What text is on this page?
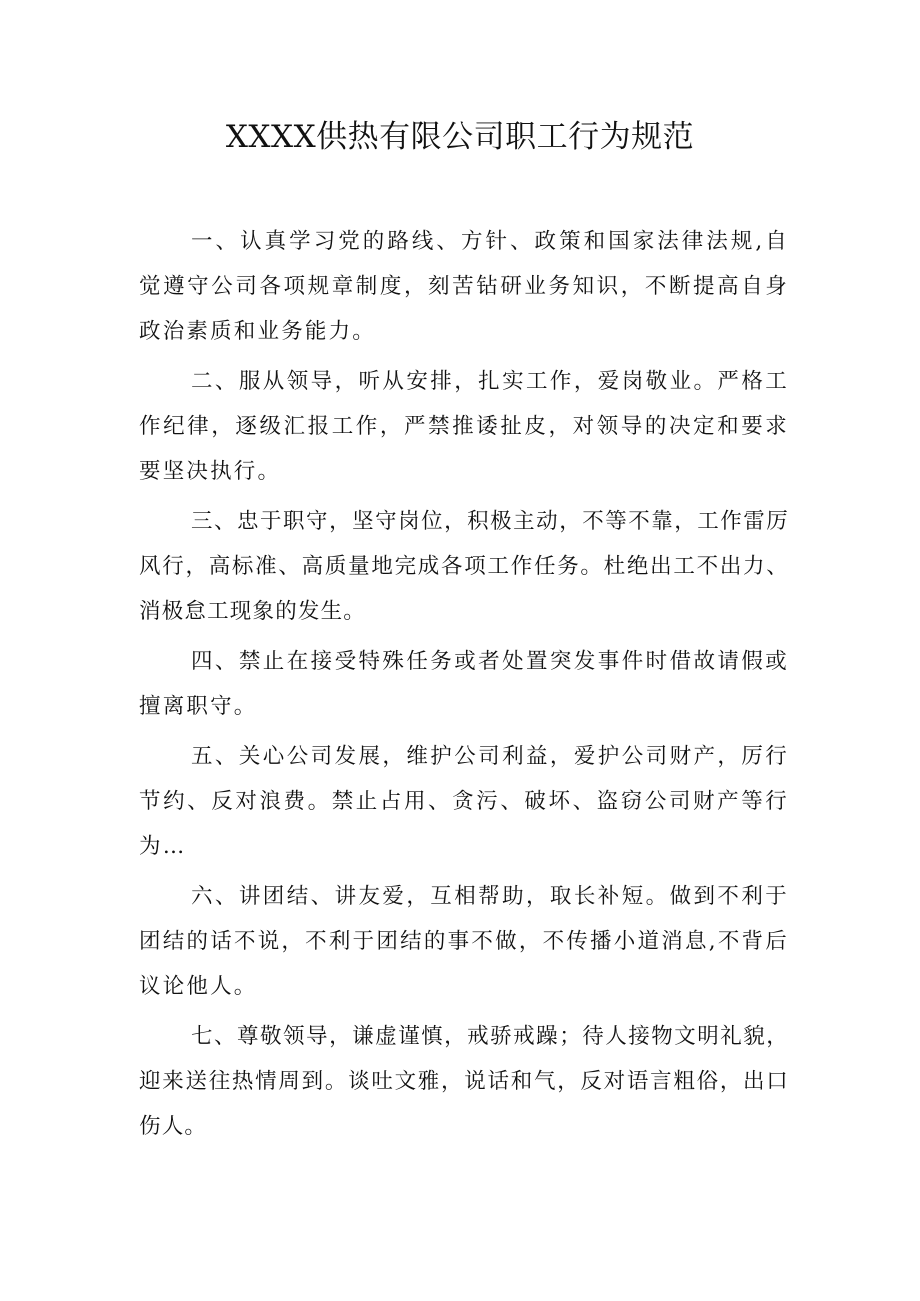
XXXX供热有限公司职工行为规范

一、认真学习党的路线、方针、政策和国家法律法规,自觉遵守公司各项规章制度，刻苦钻研业务知识，不断提高自身政治素质和业务能力。

二、服从领导，听从安排，扎实工作，爱岗敬业。严格工作纪律，逐级汇报工作，严禁推诿扯皮，对领导的决定和要求要坚决执行。

三、忠于职守，坚守岗位，积极主动，不等不靠，工作雷厉风行，高标准、高质量地完成各项工作任务。杜绝出工不出力、消极怠工现象的发生。

四、禁止在接受特殊任务或者处置突发事件时借故请假或擅离职守。

五、关心公司发展，维护公司利益，爱护公司财产，厉行节约、反对浪费。禁止占用、贪污、破坏、盗窃公司财产等行为…

六、讲团结、讲友爱，互相帮助，取长补短。做到不利于团结的话不说，不利于团结的事不做，不传播小道消息,不背后议论他人。

七、尊敬领导，谦虚谨慎，戒骄戒躁；待人接物文明礼貌，迎来送往热情周到。谈吐文雅，说话和气，反对语言粗俗，出口伤人。
